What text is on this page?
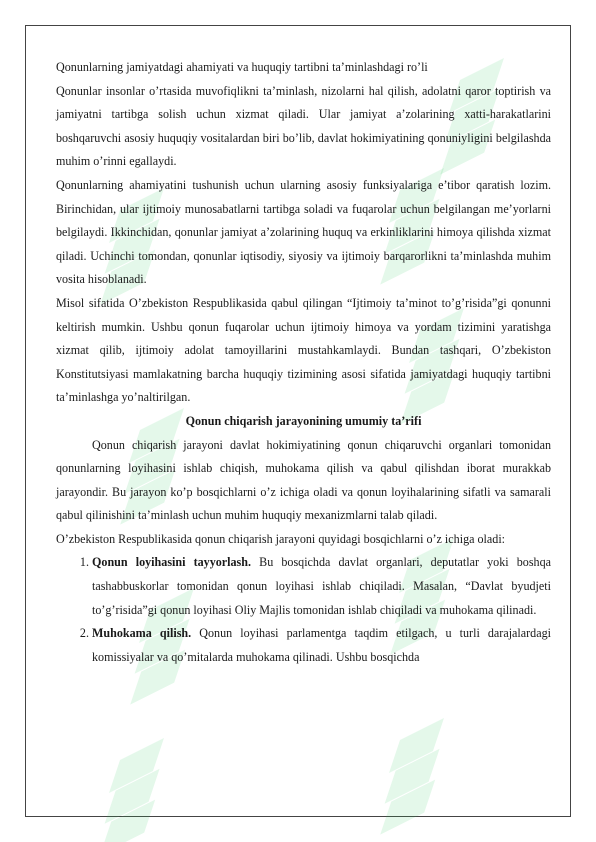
Qonunlarning jamiyatdagi ahamiyati va huquqiy tartibni ta’minlashdagi ro’li

Qonunlar insonlar o’rtasida muvofiqlikni ta’minlash, nizolarni hal qilish, adolatni qaror toptirish va jamiyatni tartibga solish uchun xizmat qiladi. Ular jamiyat a’zolarining xatti-harakatlarini boshqaruvchi asosiy huquqiy vositalardan biri bo’lib, davlat hokimiyatining qonuniyligini belgilashda muhim o’rinni egallaydi.

Qonunlarning ahamiyatini tushunish uchun ularning asosiy funksiyalariga e’tibor qaratish lozim. Birinchidan, ular ijtimoiy munosabatlarni tartibga soladi va fuqarolar uchun belgilangan me’yorlarni belgilaydi. Ikkinchidan, qonunlar jamiyat a’zolarining huquq va erkinliklarini himoya qilishda xizmat qiladi. Uchinchi tomondan, qonunlar iqtisodiy, siyosiy va ijtimoiy barqarorlikni ta’minlashda muhim vosita hisoblanadi.

Misol sifatida O’zbekiston Respublikasida qabul qilingan “Ijtimoiy ta’minot to’g’risida”gi qonunni keltirish mumkin. Ushbu qonun fuqarolar uchun ijtimoiy himoya va yordam tizimini yaratishga xizmat qilib, ijtimoiy adolat tamoyillarini mustahkamlaydi. Bundan tashqari, O’zbekiston Konstitutsiyasi mamlakatning barcha huquqiy tizimining asosi sifatida jamiyatdagi huquqiy tartibni ta’minlashga yo’naltirilgan.

Qonun chiqarish jarayonining umumiy ta’rifi

Qonun chiqarish jarayoni davlat hokimiyatining qonun chiqaruvchi organlari tomonidan qonunlarning loyihasini ishlab chiqish, muhokama qilish va qabul qilishdan iborat murakkab jarayondir. Bu jarayon ko’p bosqichlarni o’z ichiga oladi va qonun loyihalarining sifatli va samarali qabul qilinishini ta’minlash uchun muhim huquqiy mexanizmlarni talab qiladi.

O’zbekiston Respublikasida qonun chiqarish jarayoni quyidagi bosqichlarni o’z ichiga oladi:

1. Qonun loyihasini tayyorlash. Bu bosqichda davlat organlari, deputatlar yoki boshqa tashabbuskorlar tomonidan qonun loyihasi ishlab chiqiladi. Masalan, “Davlat byudjeti to’g’risida”gi qonun loyihasi Oliy Majlis tomonidan ishlab chiqiladi va muhokama qilinadi.
2. Muhokama qilish. Qonun loyihasi parlamentga taqdim etilgach, u turli darajalardagi komissiyalar va qo’mitalarda muhokama qilinadi. Ushbu bosqichda
